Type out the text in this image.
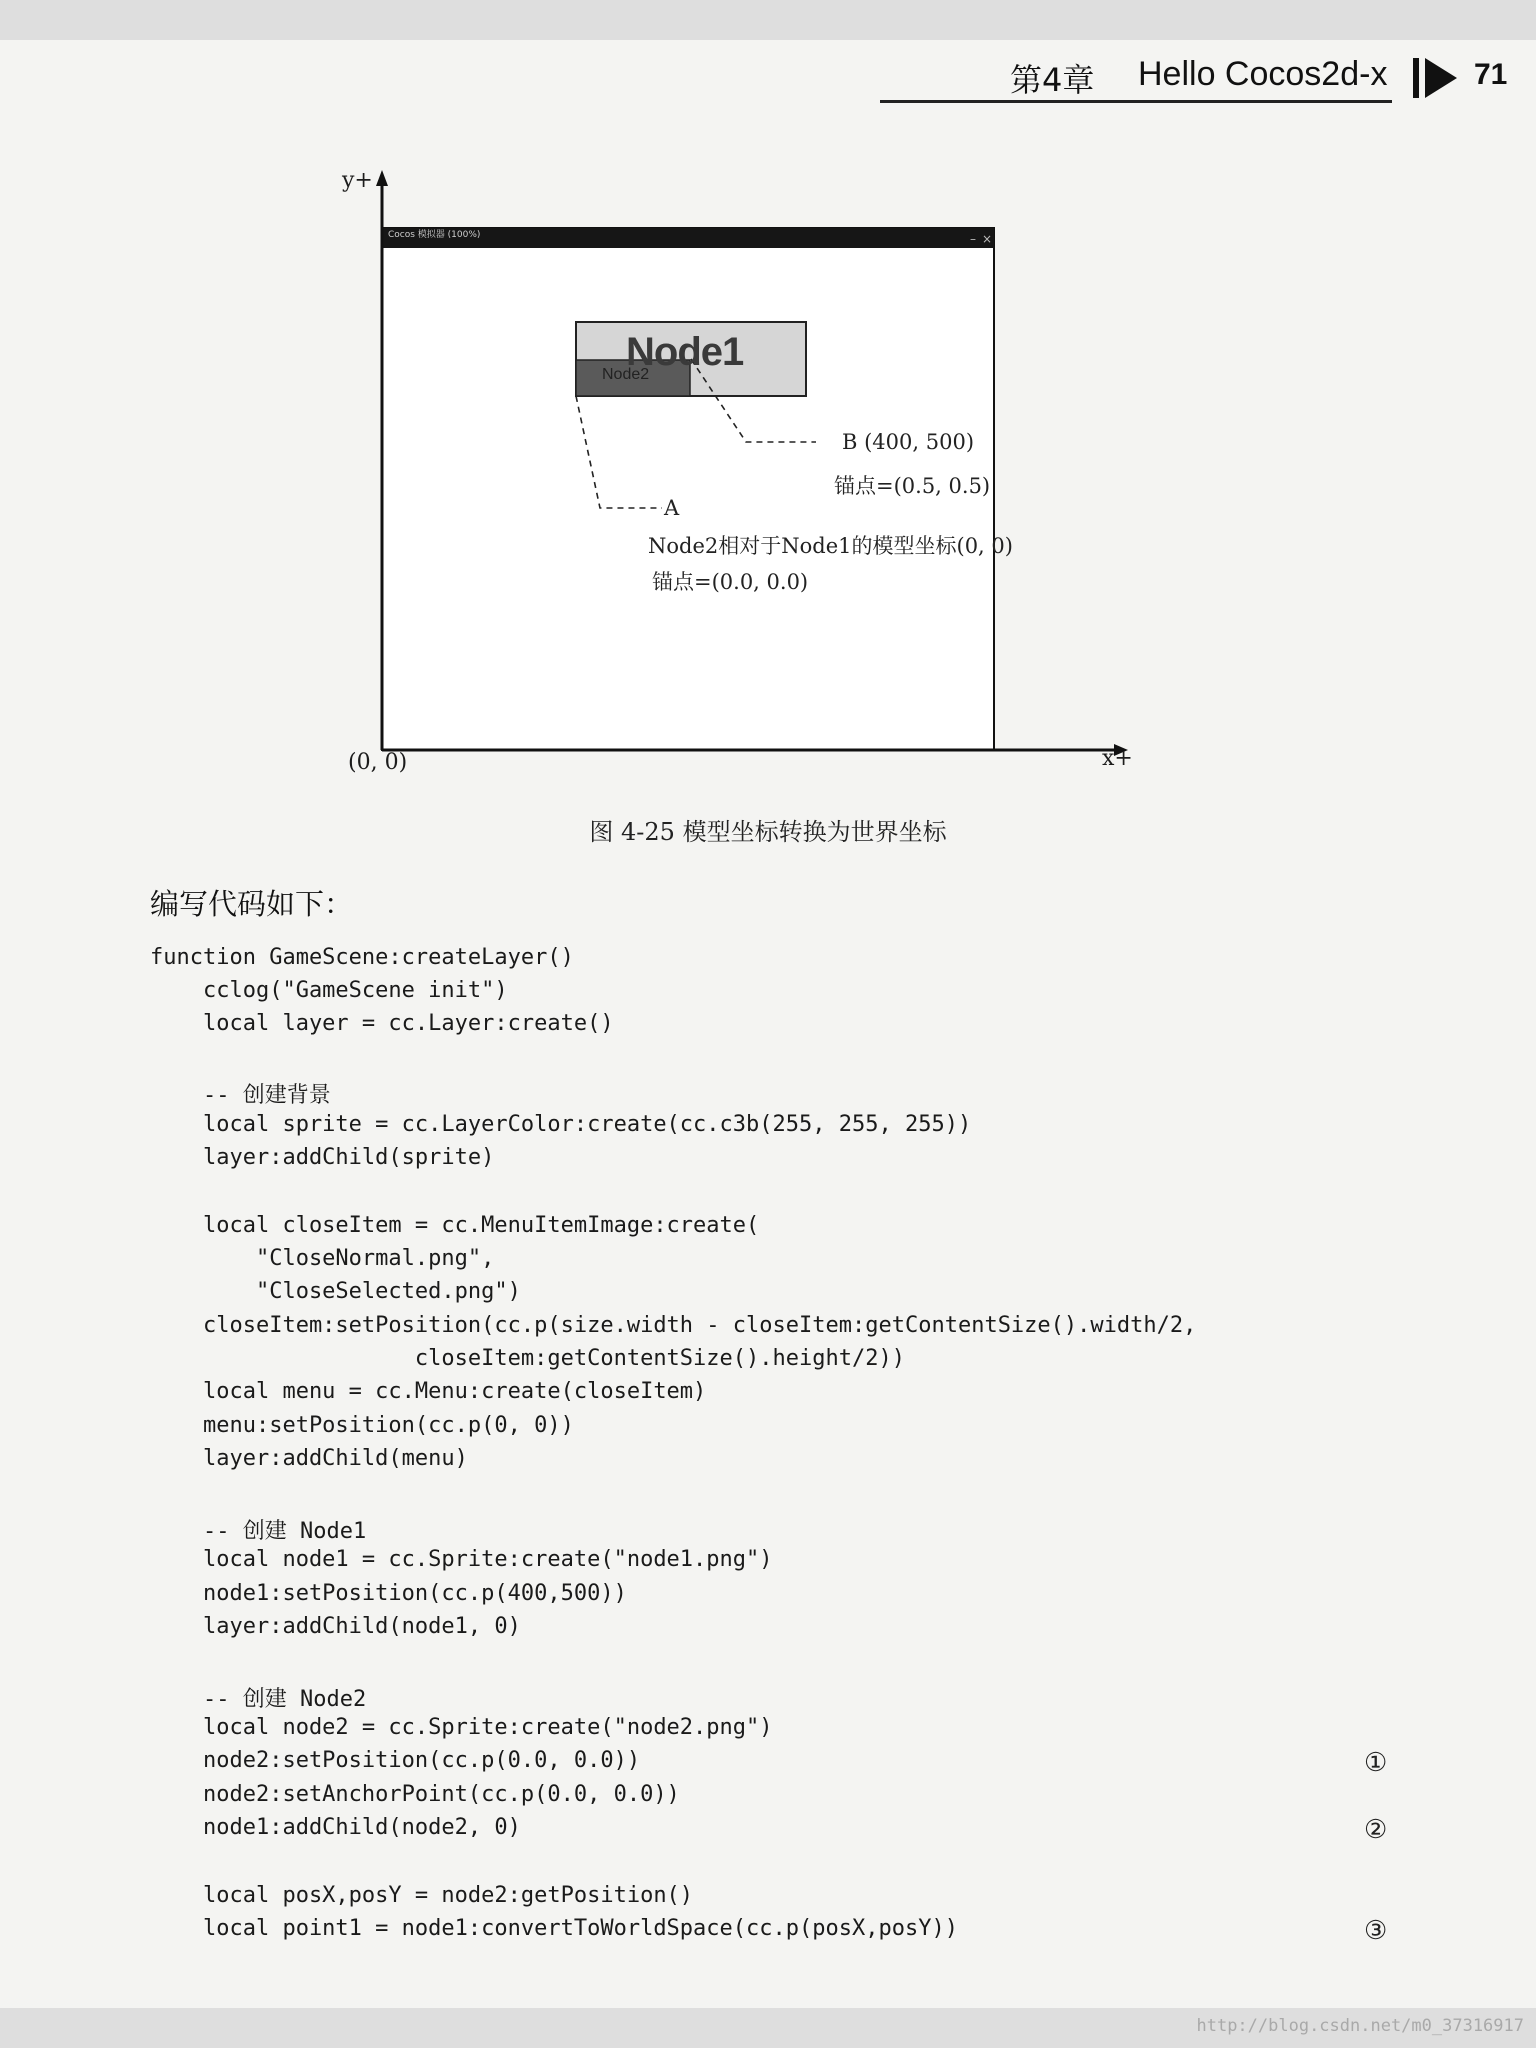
第4章 Hello Cocos2d-x	71
– ×
y+
(0, 0)	x+
Cocos 模拟器 (100%)
Node1
Node2
B (400, 500)
锚点=(0.5, 0.5)
A
Node2相对于Node1的模型坐标(0, 0)
锚点=(0.0, 0.0)
图 4-25 模型坐标转换为世界坐标
编写代码如下：
function GameScene:createLayer()
cclog("GameScene init")
local layer = cc.Layer:create()
-- 创建背景
local sprite = cc.LayerColor:create(cc.c3b(255, 255, 255))
layer:addChild(sprite)
local closeItem = cc.MenuItemImage:create(
"CloseNormal.png",
"CloseSelected.png")
closeItem:setPosition(cc.p(size.width - closeItem:getContentSize().width/2,
closeItem:getContentSize().height/2))
local menu = cc.Menu:create(closeItem)
menu:setPosition(cc.p(0, 0))
layer:addChild(menu)
-- 创建 Node1
local node1 = cc.Sprite:create("node1.png")
node1:setPosition(cc.p(400,500))
layer:addChild(node1, 0)
-- 创建 Node2
local node2 = cc.Sprite:create("node2.png")
node2:setPosition(cc.p(0.0, 0.0))
node2:setAnchorPoint(cc.p(0.0, 0.0))
node1:addChild(node2, 0)
local posX,posY = node2:getPosition()
local point1 = node1:convertToWorldSpace(cc.p(posX,posY))
①
②
③
http://blog.csdn.net/m0_37316917
